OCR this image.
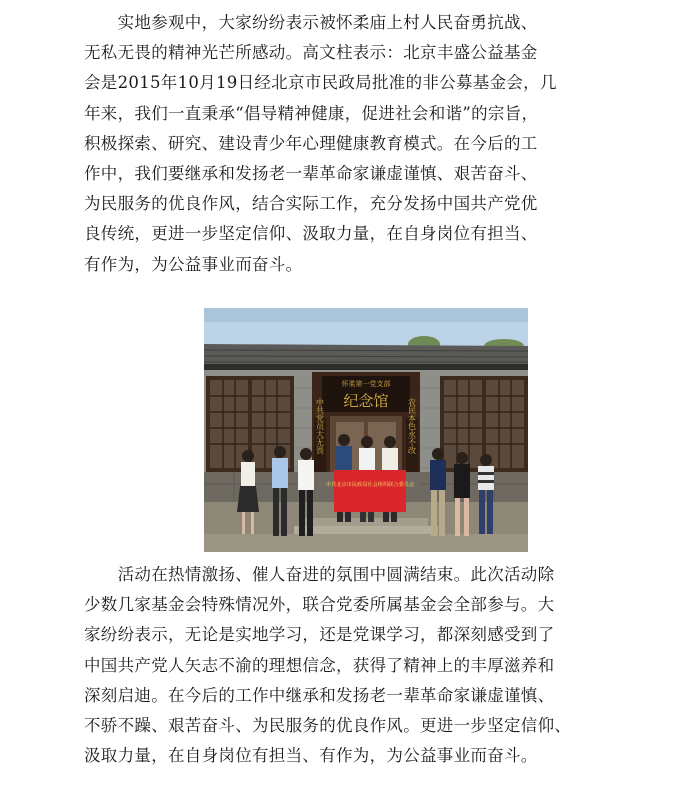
　　实地参观中，大家纷纷表示被怀柔庙上村人民奋勇抗战、
无私无畏的精神光芒所感动。高文柱表示：北京丰盛公益基金
会是2015年10月19日经北京市民政局批准的非公募基金会，几
年来，我们一直秉承“倡导精神健康，促进社会和谐”的宗旨，
积极探索、研究、建设青少年心理健康教育模式。在今后的工
作中，我们要继承和发扬老一辈革命家谦虚谨慎、艰苦奋斗、
为民服务的优良作风，结合实际工作，充分发扬中国共产党优
良传统，更进一步坚定信仰、汲取力量，在自身岗位有担当、
有作为，为公益事业而奋斗。

怀柔第一党支部
纪念馆
中共党员大无畏	农民本色永不改
中共北京市民政局社会组织联合委员会

　　活动在热情激扬、催人奋进的氛围中圆满结束。此次活动除
少数几家基金会特殊情况外，联合党委所属基金会全部参与。大
家纷纷表示，无论是实地学习，还是党课学习，都深刻感受到了
中国共产党人矢志不渝的理想信念，获得了精神上的丰厚滋养和
深刻启迪。在今后的工作中继承和发扬老一辈革命家谦虚谨慎、
不骄不躁、艰苦奋斗、为民服务的优良作风。更进一步坚定信仰、
汲取力量，在自身岗位有担当、有作为，为公益事业而奋斗。
